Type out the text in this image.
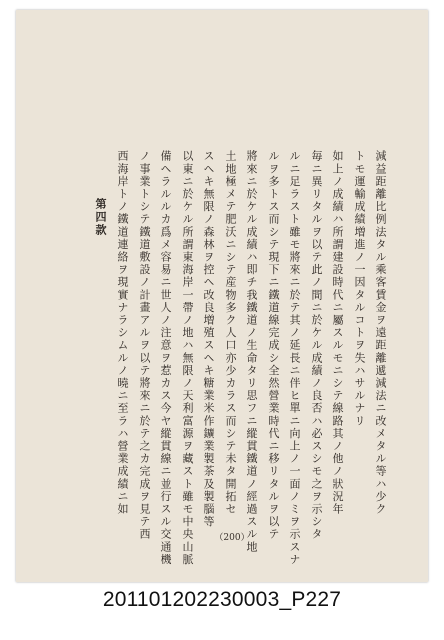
減益距離比例法タル乘客賃金ヲ遠距離遞減法ニ改メタル等ハ少ク
トモ運輸成績増進ノ一因タルコトヲ失ハサルナリ
如上ノ成績ハ所謂建設時代ニ屬スルモニシテ線路其ノ他ノ狀況年
毎ニ異リタルヲ以テ此ノ間ニ於ケル成績ノ良否ハ必スシモ之ヲ示シタ
ルニ足ラスト雖モ將來ニ於テ其ノ延長ニ伴ヒ單ニ向上ノ一面ノミヲ示スナ
ルヲ多トス而シテ現下ニ鐵道線完成シ全然營業時代ニ移リタルヲ以テ
將來ニ於ケル成績ハ即チ我鐵道ノ生命タリ思フニ縱貫鐵道ノ經過スル地
土地極メテ肥沃ニシテ産物多ク人口亦少カラス而シテ未タ開拓セ
スヘキ無限ノ森林ヲ控ヘ改良増殖スヘキ糖業米作鑛業製茶及製腦等
以東ニ於ケル所謂東海岸一帶ノ地ハ無限ノ天利富源ヲ藏スト雖モ中央山脈
備ヘラルルカ爲メ容易ニ世人ノ注意ヲ惹カス今ヤ縱貫線ニ並行スル交通機
ノ事業トシテ鐵道敷設ノ計畫アルヲ以テ將來ニ於テ之カ完成ヲ見テ西
西海岸トノ鐵道連絡ヲ現實ナラシムルノ曉ニ至ラハ營業成績ニ如
第四款
（200）
201101202230003_P227
